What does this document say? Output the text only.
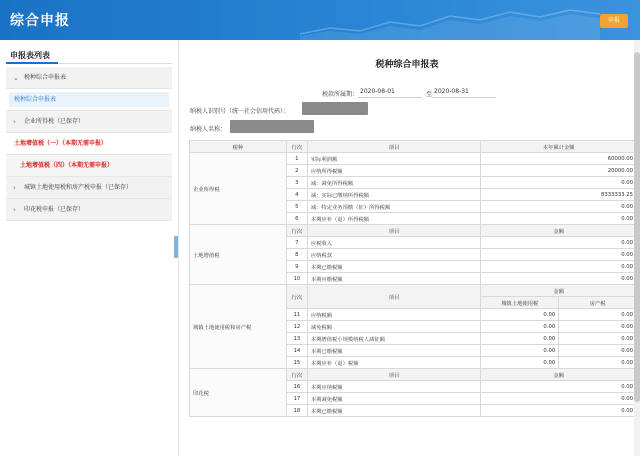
综合申报	申报
申报表列表
⌄ 税种综合申报表
税种综合申报表
› 企业所得税（已保存）
土地增值税（一）（本期无需申报）
土地增值税（四）（本期无需申报）
› 城镇土地使用税和房产税申报（已保存）
› 印花税申报（已保存）
税种综合申报表
税款所属期： 2020-08-01	至 2020-08-31
纳税人识别号（统一社会信用代码）：
纳税人名称：
税种	行次	项目	本年累计金额	
企业所得税	1	实际利润额	60000.00	
	2	应纳所得税额	20000.00	
	3	减：减免所得税额	0.00	
	4	减：实际已缴纳所得税额	8333333.25	
	5	减：特定业务预缴（征）所得税额	0.00	
	6	本期应补（退）所得税额	0.00	
土地增值税	行次	项目	金额	
	7	应税收入	0.00	
	8	应纳税款	0.00	
	9	本期已缴税额	0.00	
	10	本期应缴税额	0.00	
城镇土地使用税和房产税	行次	项目	金额	
			城镇土地使用税	房产税
	11	应纳税额	0.00	0.00
	12	减免税额	0.00	0.00
	13	本期增值税小规模纳税人减征额	0.00	0.00
	14	本期已缴税额	0.00	0.00
	15	本期应补（退）税额	0.00	0.00
印花税	行次	项目	金额	
	16	本期应纳税额	0.00	
	17	本期减免税额	0.00	
	18	本期已缴税额	0.00	
